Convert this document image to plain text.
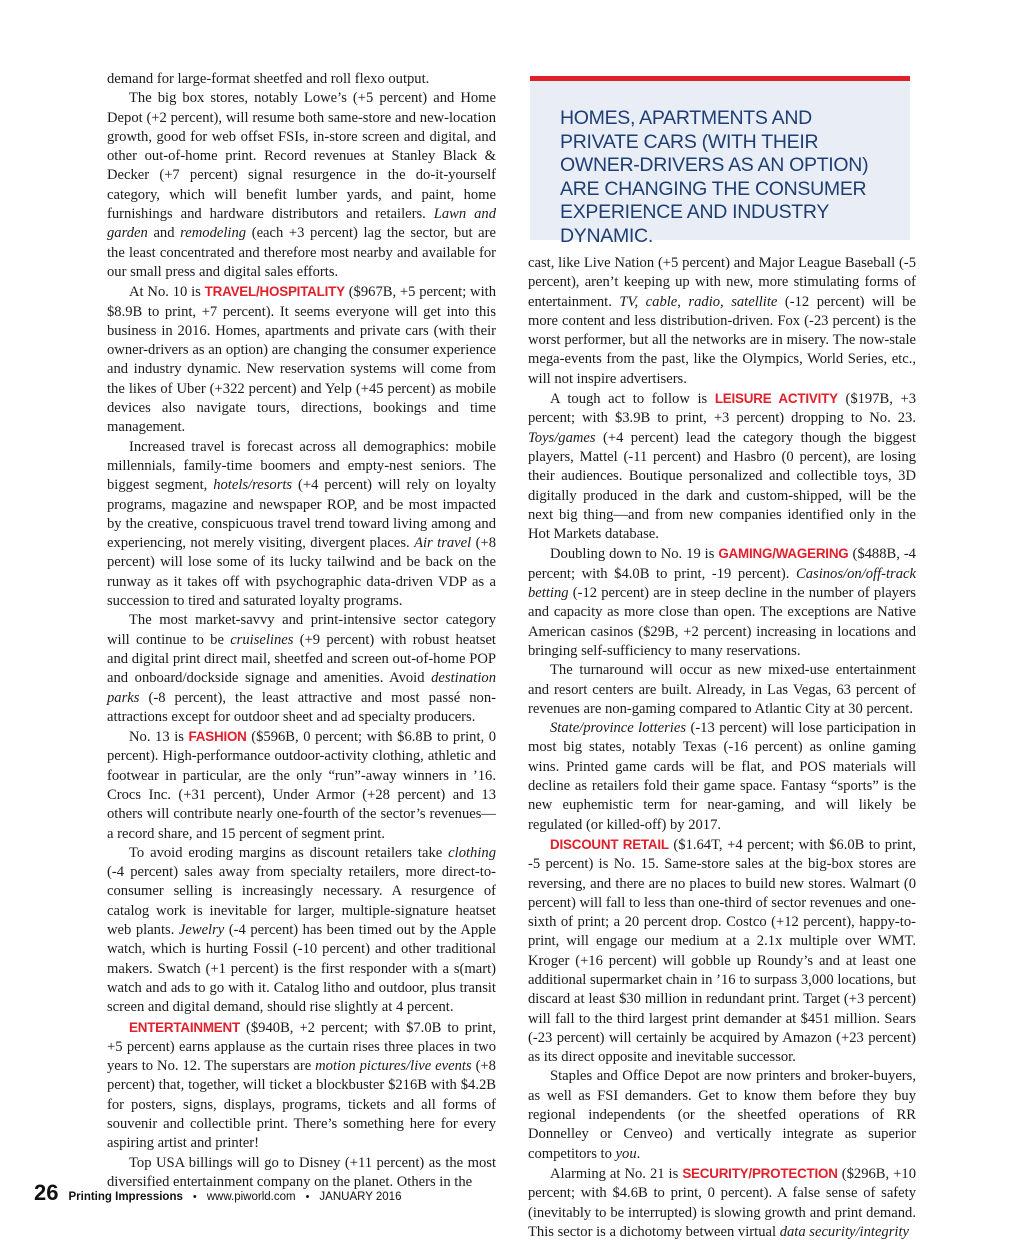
demand for large-format sheetfed and roll flexo output.

The big box stores, notably Lowe’s (+5 percent) and Home Depot (+2 percent), will resume both same-store and new-location growth, good for web offset FSIs, in-store screen and digital, and other out-of-home print. Record revenues at Stanley Black & Decker (+7 percent) signal resurgence in the do-it-yourself category, which will benefit lumber yards, and paint, home furnishings and hardware distributors and retailers. Lawn and garden and remodeling (each +3 percent) lag the sector, but are the least concentrated and therefore most nearby and available for our small press and digital sales efforts.

At No. 10 is TRAVEL/HOSPITALITY ($967B, +5 percent; with $8.9B to print, +7 percent). It seems everyone will get into this business in 2016. Homes, apartments and private cars (with their owner-drivers as an option) are changing the consumer experience and industry dynamic. New reservation systems will come from the likes of Uber (+322 percent) and Yelp (+45 percent) as mobile devices also navigate tours, directions, bookings and time management.

Increased travel is forecast across all demographics: mobile millennials, family-time boomers and empty-nest seniors. The biggest segment, hotels/resorts (+4 percent) will rely on loyalty programs, magazine and newspaper ROP, and be most impacted by the creative, conspicuous travel trend toward living among and experiencing, not merely visiting, divergent places. Air travel (+8 percent) will lose some of its lucky tailwind and be back on the runway as it takes off with psychographic data-driven VDP as a succession to tired and saturated loyalty programs.

The most market-savvy and print-intensive sector category will continue to be cruiselines (+9 percent) with robust heatset and digital print direct mail, sheetfed and screen out-of-home POP and onboard/dockside signage and amenities. Avoid destination parks (-8 percent), the least attractive and most passé non-attractions except for outdoor sheet and ad specialty producers.

No. 13 is FASHION ($596B, 0 percent; with $6.8B to print, 0 percent). High-performance outdoor-activity clothing, athletic and footwear in particular, are the only “run”-away winners in ’16. Crocs Inc. (+31 percent), Under Armor (+28 percent) and 13 others will contribute nearly one-fourth of the sector’s revenues—a record share, and 15 percent of segment print.

To avoid eroding margins as discount retailers take clothing (-4 percent) sales away from specialty retailers, more direct-to-consumer selling is increasingly necessary. A resurgence of catalog work is inevitable for larger, multiple-signature heatset web plants. Jewelry (-4 percent) has been timed out by the Apple watch, which is hurting Fossil (-10 percent) and other traditional makers. Swatch (+1 percent) is the first responder with a s(mart) watch and ads to go with it. Catalog litho and outdoor, plus transit screen and digital demand, should rise slightly at 4 percent.

ENTERTAINMENT ($940B, +2 percent; with $7.0B to print, +5 percent) earns applause as the curtain rises three places in two years to No. 12. The superstars are motion pictures/live events (+8 percent) that, together, will ticket a blockbuster $216B with $4.2B for posters, signs, displays, programs, tickets and all forms of souvenir and collectible print. There’s something here for every aspiring artist and printer!

Top USA billings will go to Disney (+11 percent) as the most diversified entertainment company on the planet. Others in the

HOMES, APARTMENTS AND PRIVATE CARS (WITH THEIR OWNER-DRIVERS AS AN OPTION) ARE CHANGING THE CONSUMER EXPERIENCE AND INDUSTRY DYNAMIC.

cast, like Live Nation (+5 percent) and Major League Baseball (-5 percent), aren’t keeping up with new, more stimulating forms of entertainment. TV, cable, radio, satellite (-12 percent) will be more content and less distribution-driven. Fox (-23 percent) is the worst performer, but all the networks are in misery. The now-stale mega-events from the past, like the Olympics, World Series, etc., will not inspire advertisers.

A tough act to follow is LEISURE ACTIVITY ($197B, +3 percent; with $3.9B to print, +3 percent) dropping to No. 23. Toys/games (+4 percent) lead the category though the biggest players, Mattel (-11 percent) and Hasbro (0 percent), are losing their audiences. Boutique personalized and collectible toys, 3D digitally produced in the dark and custom-shipped, will be the next big thing—and from new companies identified only in the Hot Markets database.

Doubling down to No. 19 is GAMING/WAGERING ($488B, -4 percent; with $4.0B to print, -19 percent). Casinos/on/off-track betting (-12 percent) are in steep decline in the number of players and capacity as more close than open. The exceptions are Native American casinos ($29B, +2 percent) increasing in locations and bringing self-sufficiency to many reservations.

The turnaround will occur as new mixed-use entertainment and resort centers are built. Already, in Las Vegas, 63 percent of revenues are non-gaming compared to Atlantic City at 30 percent.

State/province lotteries (-13 percent) will lose participation in most big states, notably Texas (-16 percent) as online gaming wins. Printed game cards will be flat, and POS materials will decline as retailers fold their game space. Fantasy “sports” is the new euphemistic term for near-gaming, and will likely be regulated (or killed-off) by 2017.

DISCOUNT RETAIL ($1.64T, +4 percent; with $6.0B to print, -5 percent) is No. 15. Same-store sales at the big-box stores are reversing, and there are no places to build new stores. Walmart (0 percent) will fall to less than one-third of sector revenues and one-sixth of print; a 20 percent drop. Costco (+12 percent), happy-to-print, will engage our medium at a 2.1x multiple over WMT. Kroger (+16 percent) will gobble up Roundy’s and at least one additional supermarket chain in ’16 to surpass 3,000 locations, but discard at least $30 million in redundant print. Target (+3 percent) will fall to the third largest print demander at $451 million. Sears (-23 percent) will certainly be acquired by Amazon (+23 percent) as its direct opposite and inevitable successor.

Staples and Office Depot are now printers and broker-buyers, as well as FSI demanders. Get to know them before they buy regional independents (or the sheetfed operations of RR Donnelley or Cenveo) and vertically integrate as superior competitors to you.

Alarming at No. 21 is SECURITY/PROTECTION ($296B, +10 percent; with $4.6B to print, 0 percent). A false sense of safety (inevitably to be interrupted) is slowing growth and print demand. This sector is a dichotomy between virtual data security/integrity

26 Printing Impressions • www.piworld.com • JANUARY 2016
